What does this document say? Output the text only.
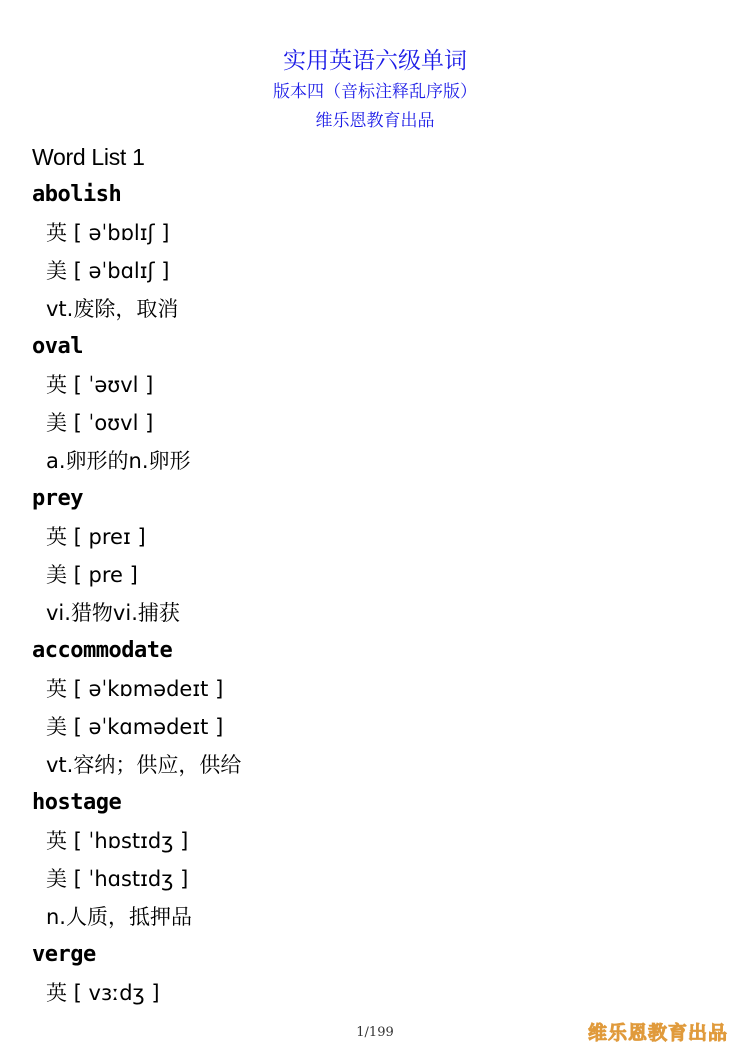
实用英语六级单词
版本四（音标注释乱序版）
维乐恩教育出品
Word List 1
abolish
英 [ əˈbɒlɪʃ ]
美 [ əˈbɑlɪʃ ]
vt.废除，取消
oval
英 [ ˈəʊvl ]
美 [ ˈoʊvl ]
a.卵形的n.卵形
prey
英 [ preɪ ]
美 [ pre ]
vi.猎物vi.捕获
accommodate
英 [ əˈkɒmədeɪt ]
美 [ əˈkɑmədeɪt ]
vt.容纳；供应，供给
hostage
英 [ ˈhɒstɪdʒ ]
美 [ ˈhɑstɪdʒ ]
n.人质，抵押品
verge
英 [ vɜːdʒ ]
1/199	维乐恩教育出品
